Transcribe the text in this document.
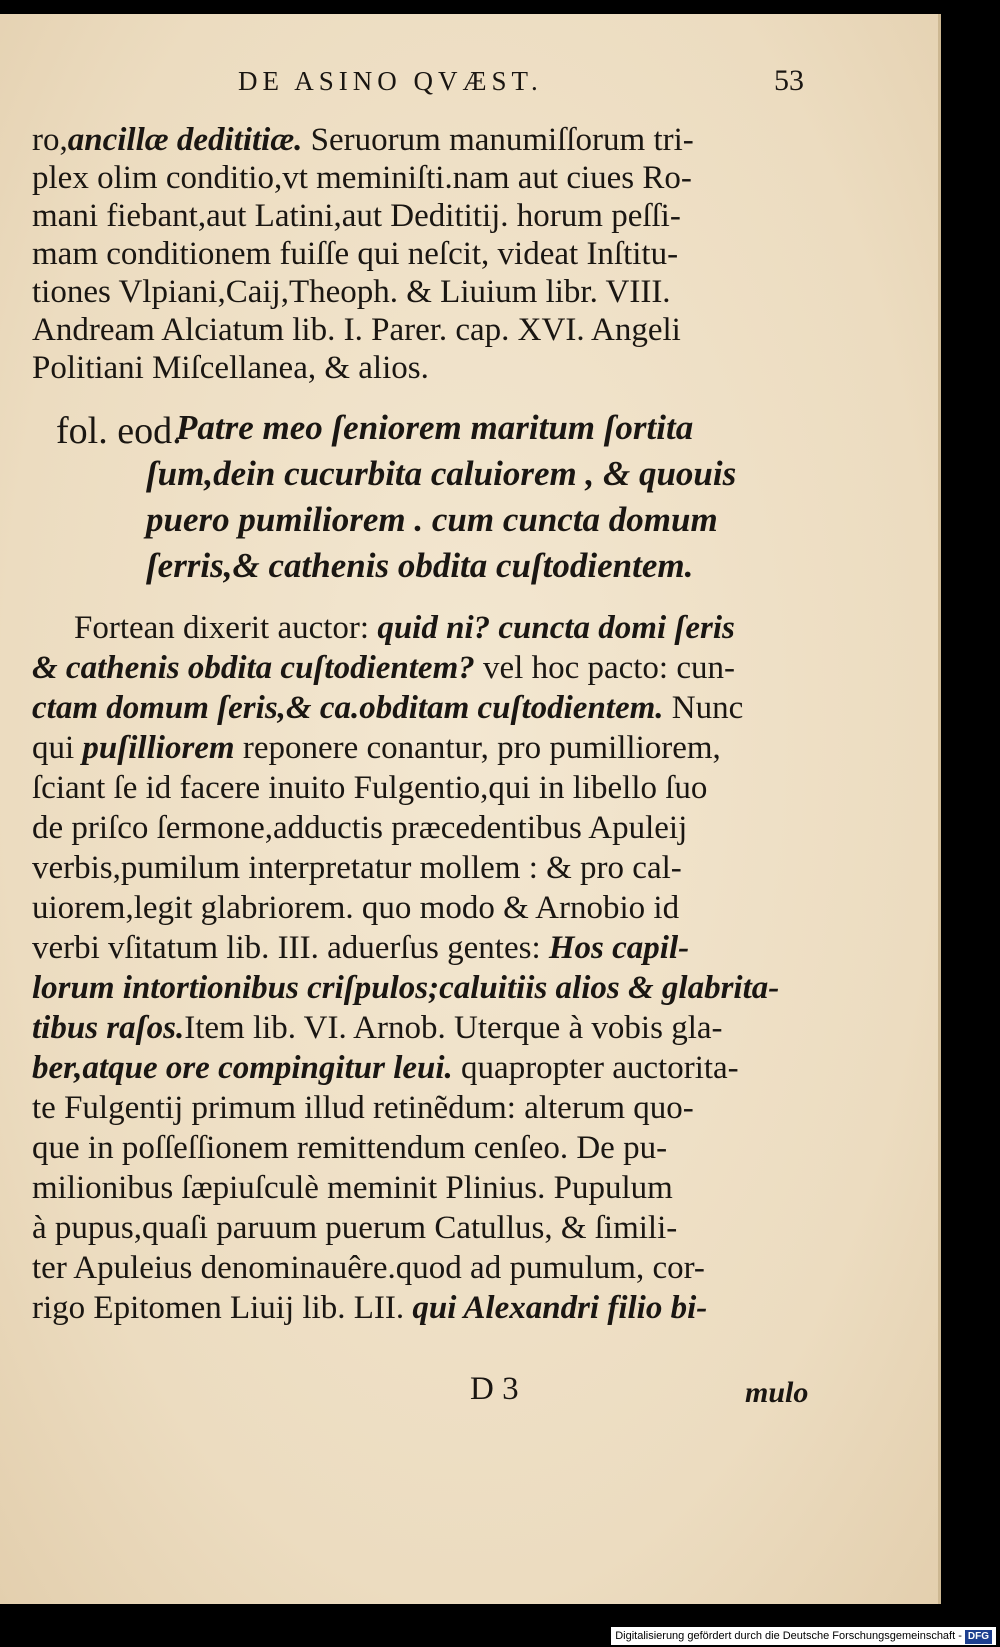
DE ASINO QVÆST.	53
ro,ancillæ dedititiæ. Seruorum manumiſſorum tri-
plex olim conditio,vt meminiſti.nam aut ciues Ro-
mani fiebant,aut Latini,aut Dedititij. horum peſſi-
mam conditionem fuiſſe qui neſcit, videat Inſtitu-
tiones Vlpiani,Caij,Theoph. & Liuium libr. VIII.
Andream Alciatum lib. I. Parer. cap. XVI. Angeli
Politiani Miſcellanea, & alios.
fol. eod.
Patre meo ſeniorem maritum ſortita
ſum,dein cucurbita caluiorem , & quouis
puero pumiliorem . cum cuncta domum
ſerris,& cathenis obdita cuſtodientem.
Fortean dixerit auctor: quid ni? cuncta domi ſeris
& cathenis obdita cuſtodientem? vel hoc pacto: cun-
ctam domum ſeris,& ca.obditam cuſtodientem. Nunc
qui puſilliorem reponere conantur, pro pumilliorem,
ſciant ſe id facere inuito Fulgentio,qui in libello ſuo
de priſco ſermone,adductis præcedentibus Apuleij
verbis,pumilum interpretatur mollem : & pro cal-
uiorem,legit glabriorem. quo modo & Arnobio id
verbi vſitatum lib. III. aduerſus gentes: Hos capil-
lorum intortionibus criſpulos;caluitiis alios & glabrita-
tibus raſos.Item lib. VI. Arnob. Uterque à vobis gla-
ber,atque ore compingitur leui. quapropter auctorita-
te Fulgentij primum illud retinẽdum: alterum quo-
que in poſſeſſionem remittendum cenſeo. De pu-
milionibus ſæpiuſculè meminit Plinius. Pupulum
à pupus,quaſi paruum puerum Catullus, & ſimili-
ter Apuleius denominauêre.quod ad pumulum, cor-
rigo Epitomen Liuij lib. LII. qui Alexandri filio bi-
D 3	mulo
Digitalisierung gefördert durch die Deutsche Forschungsgemeinschaft - DFG
